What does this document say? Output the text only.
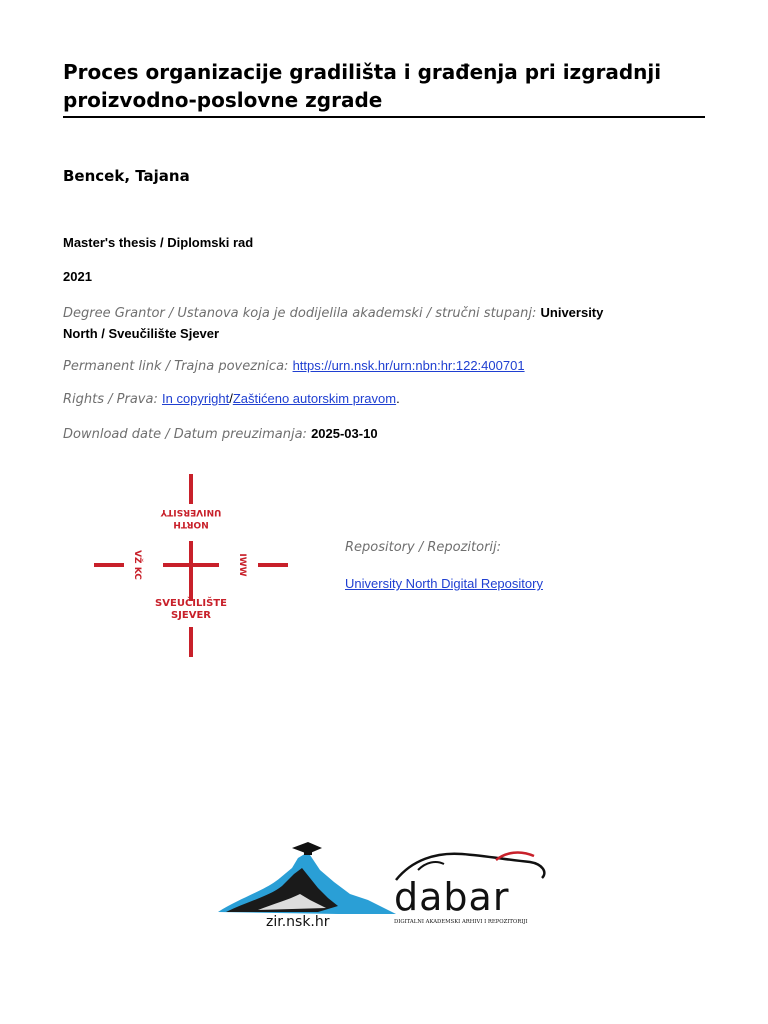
Proces organizacije gradilišta i građenja pri izgradnji proizvodno-poslovne zgrade
Bencek, Tajana
Master's thesis / Diplomski rad
2021
Degree Grantor / Ustanova koja je dodijelila akademski / stručni stupanj: University
North / Sveučilište Sjever
Permanent link / Trajna poveznica: https://urn.nsk.hr/urn:nbn:hr:122:400701
Rights / Prava: In copyright/Zaštićeno autorskim pravom.
Download date / Datum preuzimanja: 2025-03-10
NORTH
UNIVERSITY
VŽ KC	IWW
SVEUČILIŠTE
SJEVER
Repository / Repozitorij:
University North Digital Repository
zir.nsk.hr
dabar
DIGITALNI AKADEMSKI ARHIVI I REPOZITORIJI
